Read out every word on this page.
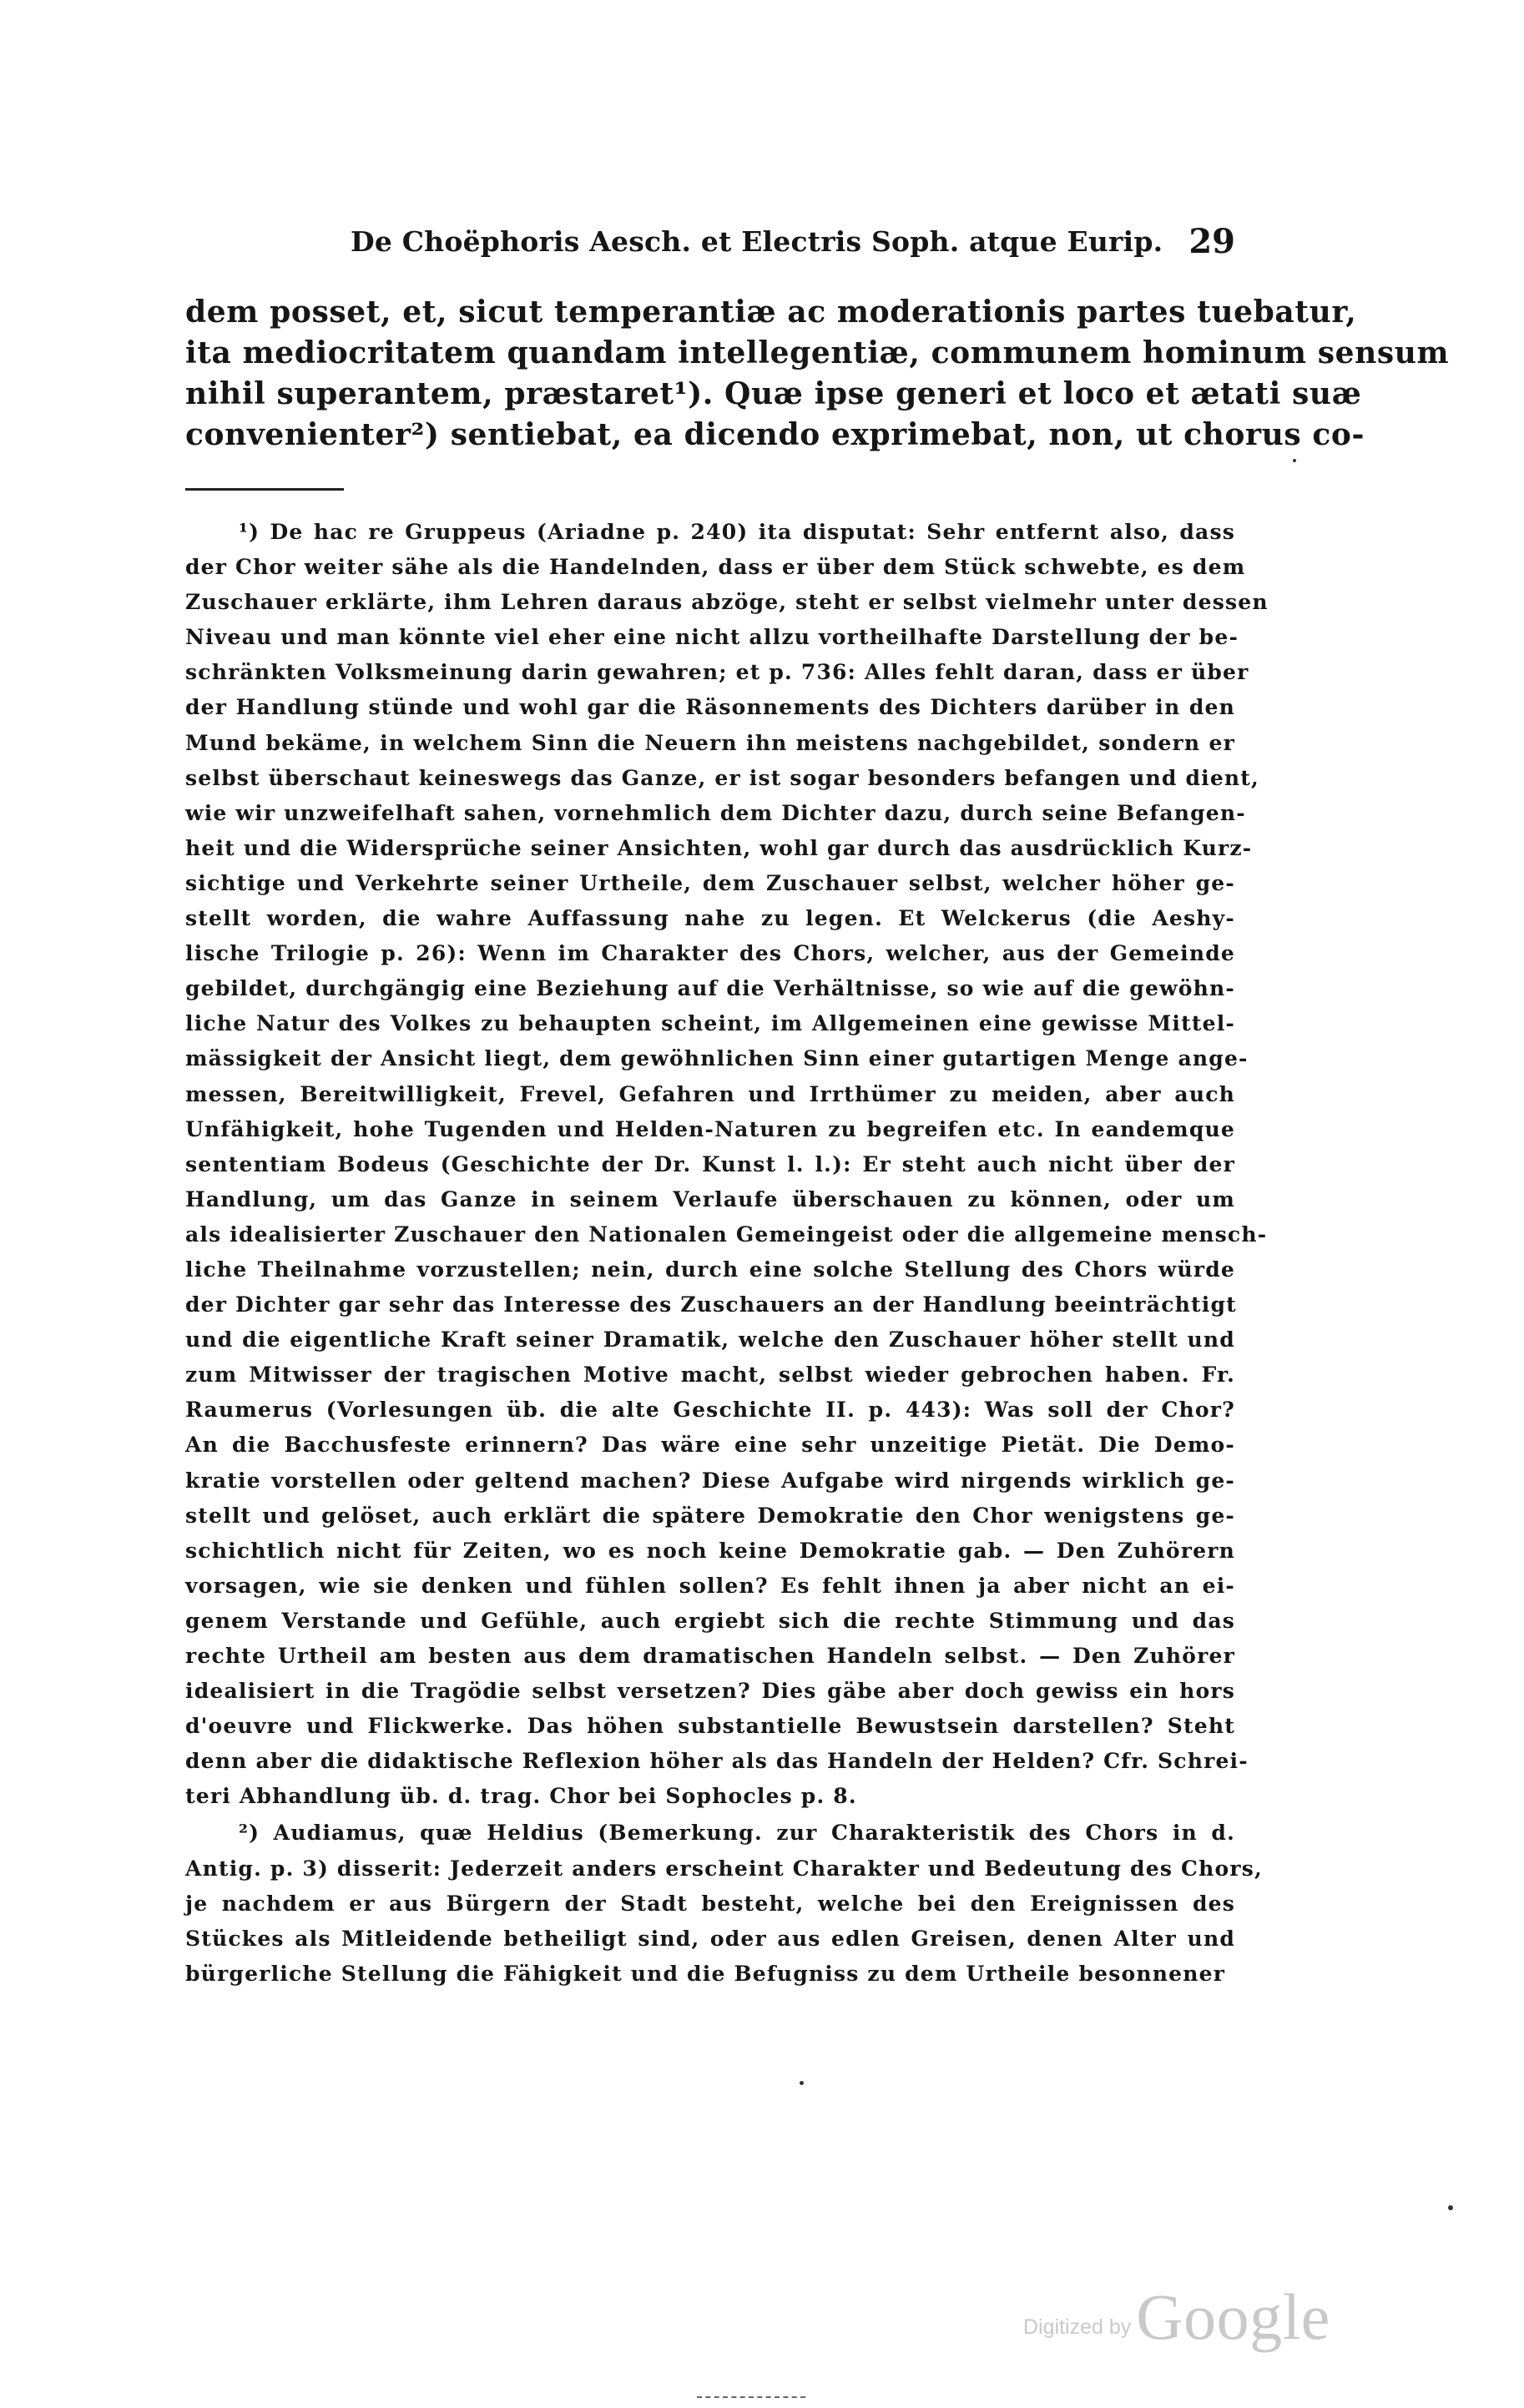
De Choëphoris Aesch. et Electris Soph. atque Eurip. 29
dem posset, et, sicut temperantiæ ac moderationis partes tuebatur,
ita mediocritatem quandam intellegentiæ, communem hominum sensum
nihil superantem, præstaret¹). Quæ ipse generi et loco et ætati suæ
convenienter²) sentiebat, ea dicendo exprimebat, non, ut chorus co-
¹) De hac re Gruppeus (Ariadne p. 240) ita disputat: Sehr entfernt also, dass
der Chor weiter sähe als die Handelnden, dass er über dem Stück schwebte, es dem
Zuschauer erklärte, ihm Lehren daraus abzöge, steht er selbst vielmehr unter dessen
Niveau und man könnte viel eher eine nicht allzu vortheilhafte Darstellung der be-
schränkten Volksmeinung darin gewahren; et p. 736: Alles fehlt daran, dass er über
der Handlung stünde und wohl gar die Räsonnements des Dichters darüber in den
Mund bekäme, in welchem Sinn die Neuern ihn meistens nachgebildet, sondern er
selbst überschaut keineswegs das Ganze, er ist sogar besonders befangen und dient,
wie wir unzweifelhaft sahen, vornehmlich dem Dichter dazu, durch seine Befangen-
heit und die Widersprüche seiner Ansichten, wohl gar durch das ausdrücklich Kurz-
sichtige und Verkehrte seiner Urtheile, dem Zuschauer selbst, welcher höher ge-
stellt worden, die wahre Auffassung nahe zu legen. Et Welckerus (die Aeshy-
lische Trilogie p. 26): Wenn im Charakter des Chors, welcher, aus der Gemeinde
gebildet, durchgängig eine Beziehung auf die Verhältnisse, so wie auf die gewöhn-
liche Natur des Volkes zu behaupten scheint, im Allgemeinen eine gewisse Mittel-
mässigkeit der Ansicht liegt, dem gewöhnlichen Sinn einer gutartigen Menge ange-
messen, Bereitwilligkeit, Frevel, Gefahren und Irrthümer zu meiden, aber auch
Unfähigkeit, hohe Tugenden und Helden-Naturen zu begreifen etc. In eandemque
sententiam Bodeus (Geschichte der Dr. Kunst l. l.): Er steht auch nicht über der
Handlung, um das Ganze in seinem Verlaufe überschauen zu können, oder um
als idealisierter Zuschauer den Nationalen Gemeingeist oder die allgemeine mensch-
liche Theilnahme vorzustellen; nein, durch eine solche Stellung des Chors würde
der Dichter gar sehr das Interesse des Zuschauers an der Handlung beeinträchtigt
und die eigentliche Kraft seiner Dramatik, welche den Zuschauer höher stellt und
zum Mitwisser der tragischen Motive macht, selbst wieder gebrochen haben. Fr.
Raumerus (Vorlesungen üb. die alte Geschichte II. p. 443): Was soll der Chor?
An die Bacchusfeste erinnern? Das wäre eine sehr unzeitige Pietät. Die Demo-
kratie vorstellen oder geltend machen? Diese Aufgabe wird nirgends wirklich ge-
stellt und gelöset, auch erklärt die spätere Demokratie den Chor wenigstens ge-
schichtlich nicht für Zeiten, wo es noch keine Demokratie gab. — Den Zuhörern
vorsagen, wie sie denken und fühlen sollen? Es fehlt ihnen ja aber nicht an ei-
genem Verstande und Gefühle, auch ergiebt sich die rechte Stimmung und das
rechte Urtheil am besten aus dem dramatischen Handeln selbst. — Den Zuhörer
idealisiert in die Tragödie selbst versetzen? Dies gäbe aber doch gewiss ein hors
d'oeuvre und Flickwerke. Das höhen substantielle Bewustsein darstellen? Steht
denn aber die didaktische Reflexion höher als das Handeln der Helden? Cfr. Schrei-
teri Abhandlung üb. d. trag. Chor bei Sophocles p. 8.
²) Audiamus, quæ Heldius (Bemerkung. zur Charakteristik des Chors in d.
Antig. p. 3) disserit: Jederzeit anders erscheint Charakter und Bedeutung des Chors,
je nachdem er aus Bürgern der Stadt besteht, welche bei den Ereignissen des
Stückes als Mitleidende betheiligt sind, oder aus edlen Greisen, denen Alter und
bürgerliche Stellung die Fähigkeit und die Befugniss zu dem Urtheile besonnener
Digitized byGoogle
